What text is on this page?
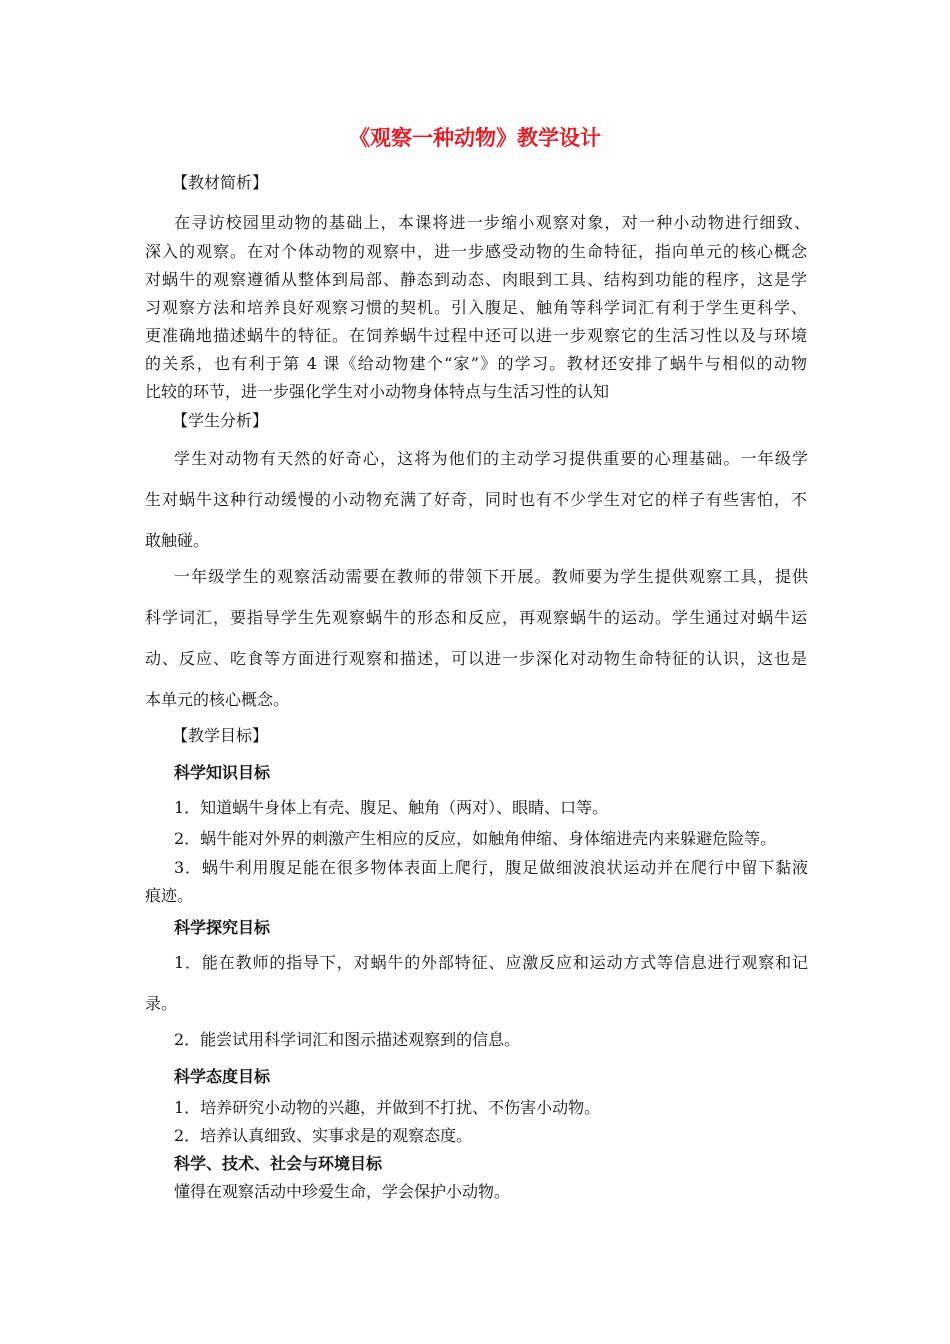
《观察一种动物》教学设计
【教材简析】
在寻访校园里动物的基础上，本课将进一步缩小观察对象，对一种小动物进行细致、
深入的观察。在对个体动物的观察中，进一步感受动物的生命特征，指向单元的核心概念
对蜗牛的观察遵循从整体到局部、静态到动态、肉眼到工具、结构到功能的程序，这是学
习观察方法和培养良好观察习惯的契机。引入腹足、触角等科学词汇有利于学生更科学、
更准确地描述蜗牛的特征。在饲养蜗牛过程中还可以进一步观察它的生活习性以及与环境
的关系，也有利于第 4 课《给动物建个“家”》的学习。教材还安排了蜗牛与相似的动物
比较的环节，进一步强化学生对小动物身体特点与生活习性的认知
【学生分析】
学生对动物有天然的好奇心，这将为他们的主动学习提供重要的心理基础。一年级学
生对蜗牛这种行动缓慢的小动物充满了好奇，同时也有不少学生对它的样子有些害怕，不
敢触碰。
一年级学生的观察活动需要在教师的带领下开展。教师要为学生提供观察工具，提供
科学词汇，要指导学生先观察蜗牛的形态和反应，再观察蜗牛的运动。学生通过对蜗牛运
动、反应、吃食等方面进行观察和描述，可以进一步深化对动物生命特征的认识，这也是
本单元的核心概念。
【教学目标】
科学知识目标
1．知道蜗牛身体上有壳、腹足、触角（两对）、眼睛、口等。
2．蜗牛能对外界的刺激产生相应的反应，如触角伸缩、身体缩进壳内来躲避危险等。
3．蜗牛利用腹足能在很多物体表面上爬行，腹足做细波浪状运动并在爬行中留下黏液
痕迹。
科学探究目标
1．能在教师的指导下，对蜗牛的外部特征、应激反应和运动方式等信息进行观察和记
录。
2．能尝试用科学词汇和图示描述观察到的信息。
科学态度目标
1．培养研究小动物的兴趣，并做到不打扰、不伤害小动物。
2．培养认真细致、实事求是的观察态度。
科学、技术、社会与环境目标
懂得在观察活动中珍爱生命，学会保护小动物。
